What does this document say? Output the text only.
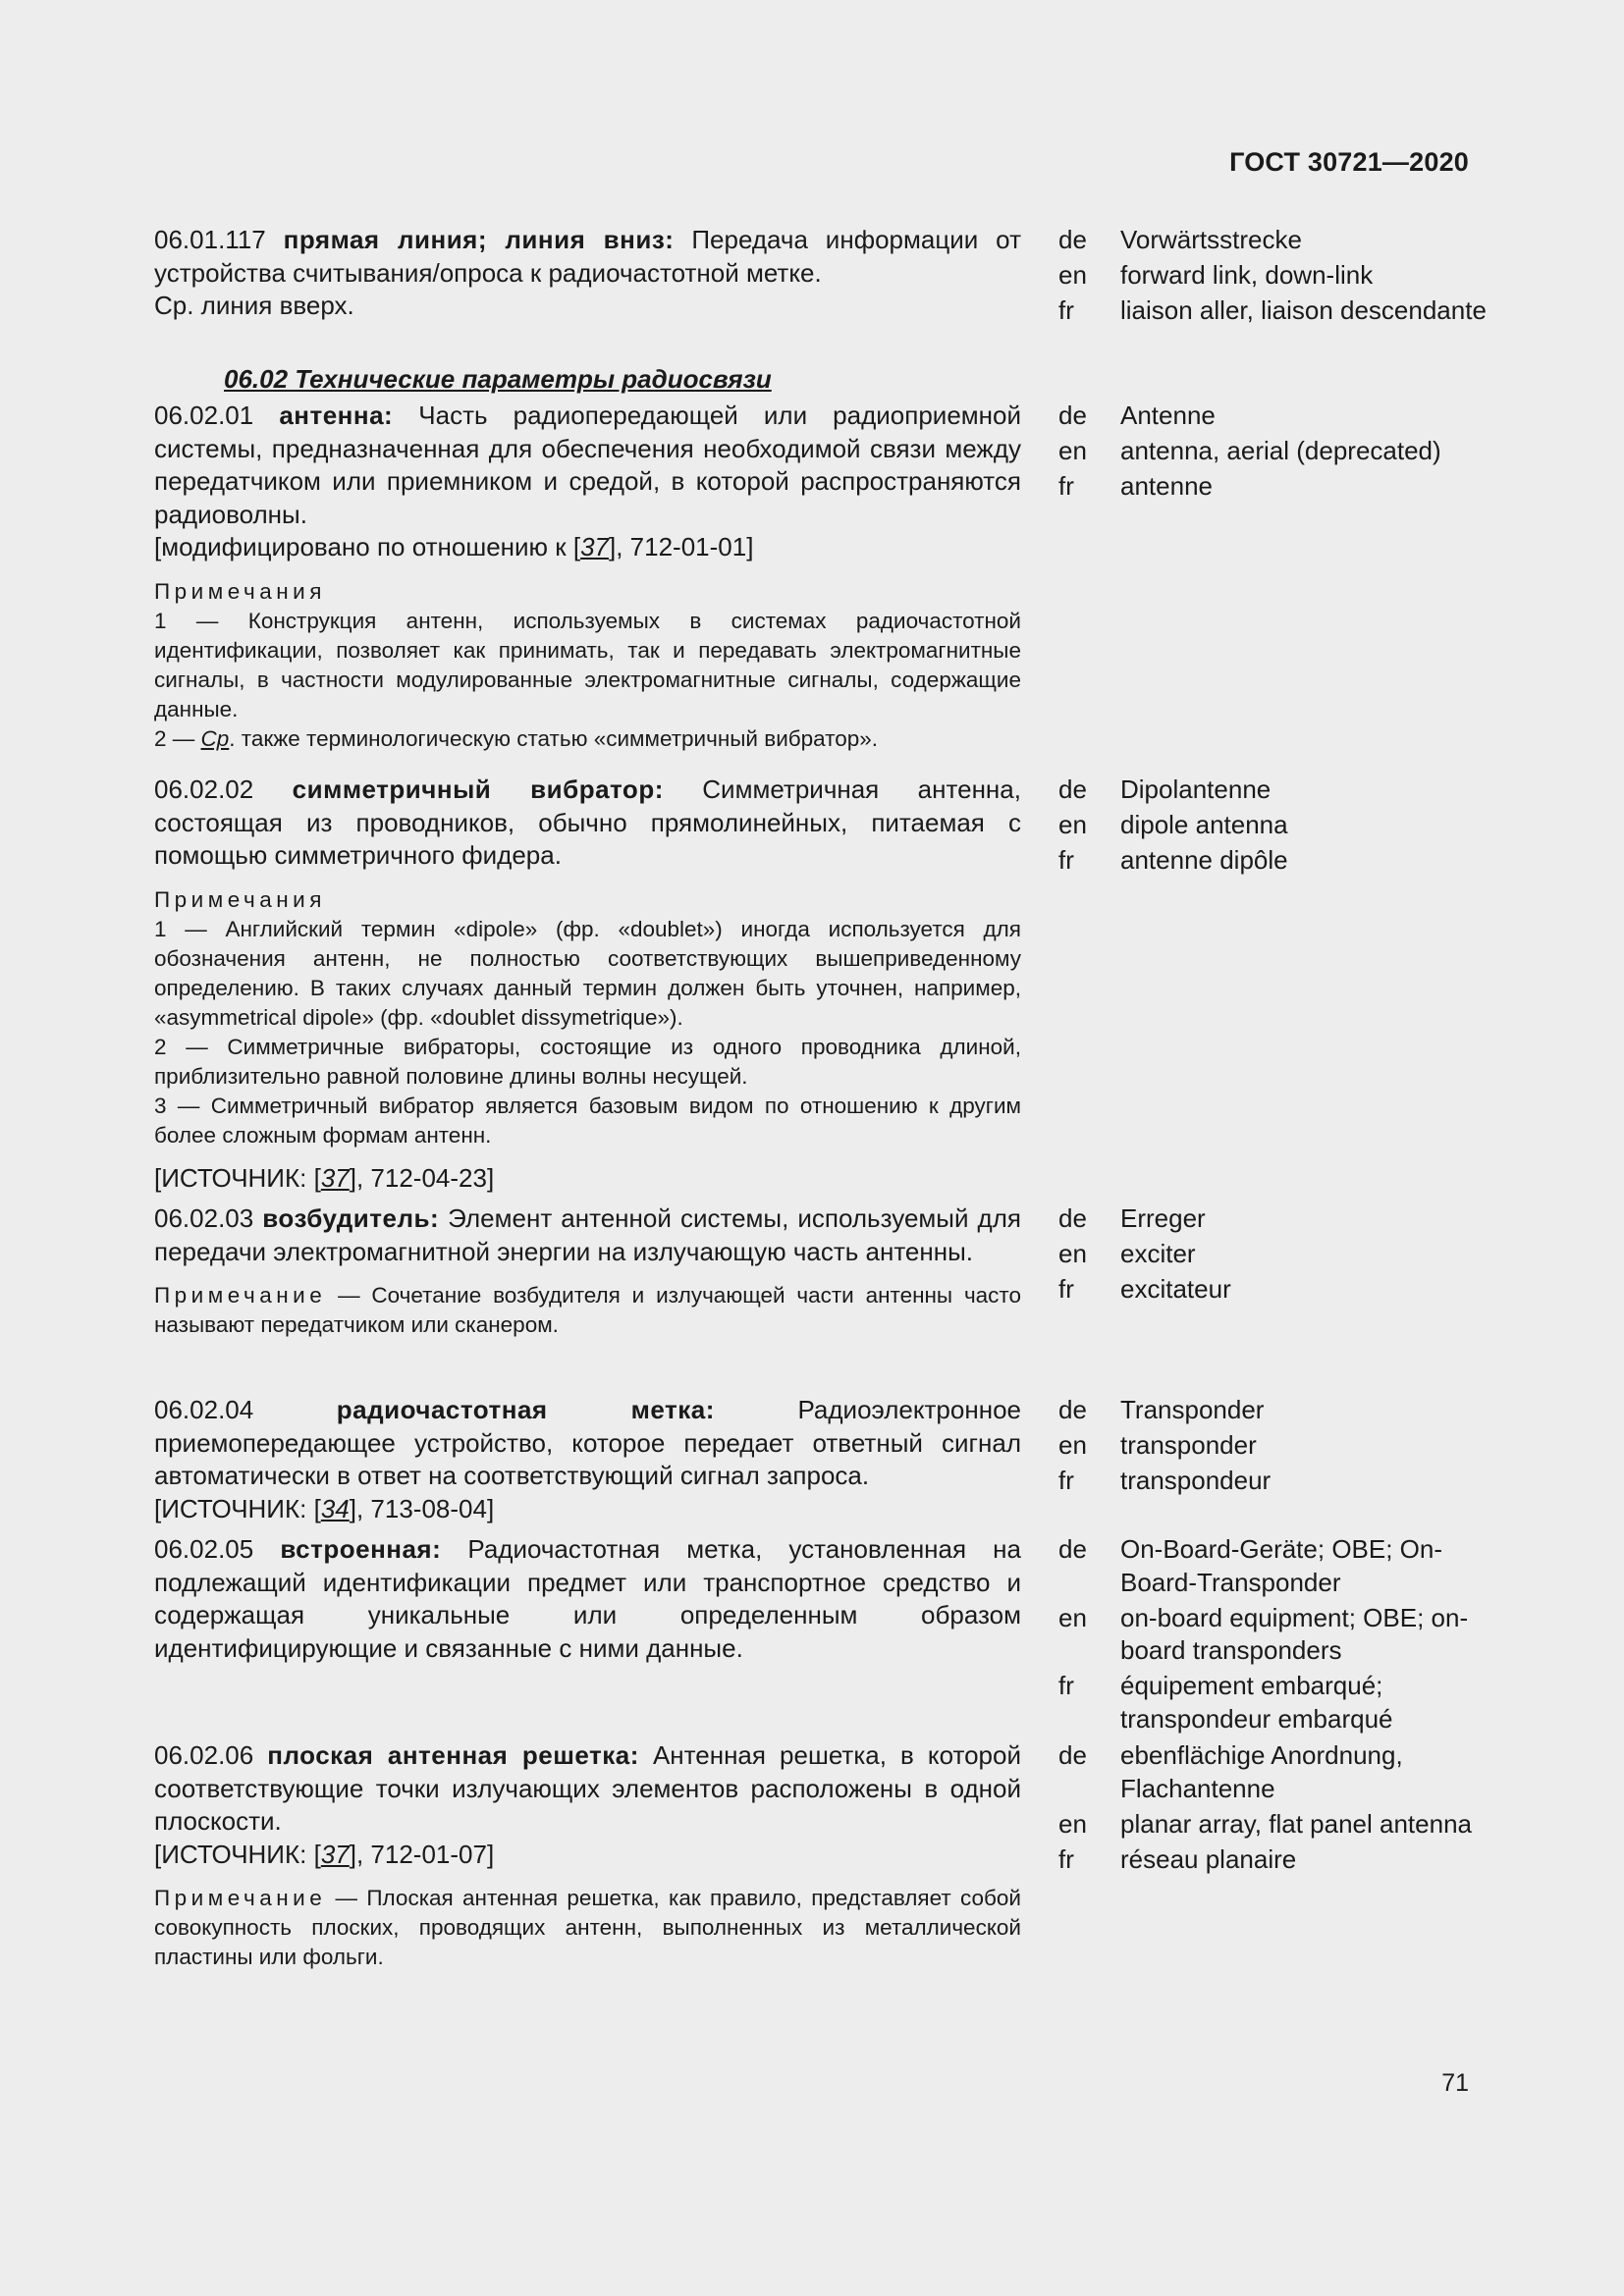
ГОСТ 30721—2020

06.01.117 прямая линия; линия вниз: Передача информации от устройства считывания/опроса к радиочастотной метке.

Ср. линия вверх.

de	Vorwärtsstrecke
en	forward link, down-link
fr	liaison aller, liaison descendante
06.02 Технические параметры радиосвязи

06.02.01 антенна: Часть радиопередающей или радиоприемной системы, предназначенная для обеспечения необходимой связи между передатчиком или приемником и средой, в которой распространяются радиоволны.

[модифицировано по отношению к [37], 712-01-01]

Примечания

1 — Конструкция антенн, используемых в системах радиочастотной идентификации, позволяет как принимать, так и передавать электромагнитные сигналы, в частности модулированные электромагнитные сигналы, содержащие данные.

2 — Ср. также терминологическую статью «симметричный вибратор».

de	Antenne
en	antenna, aerial (deprecated)
fr	antenne

06.02.02 симметричный вибратор: Симметричная антенна, состоящая из проводников, обычно прямолинейных, питаемая с помощью симметричного фидера.

Примечания

1 — Английский термин «dipole» (фр. «doublet») иногда используется для обозначения антенн, не полностью соответствующих вышеприведенному определению. В таких случаях данный термин должен быть уточнен, например, «asymmetrical dipole» (фр. «doublet dissymetrique»).

2 — Симметричные вибраторы, состоящие из одного проводника длиной, приблизительно равной половине длины волны несущей.

3 — Симметричный вибратор является базовым видом по отношению к другим более сложным формам антенн.

[ИСТОЧНИК: [37], 712-04-23]

de	Dipolantenne
en	dipole antenna
fr	antenne dipôle

06.02.03 возбудитель: Элемент антенной системы, используемый для передачи электромагнитной энергии на излучающую часть антенны.

Примечание — Сочетание возбудителя и излучающей части антенны часто называют передатчиком или сканером.

de	Erreger
en	exciter
fr	excitateur

06.02.04	радиочастотная метка:	Радиоэлектронное приемопередающее устройство, которое передает ответный сигнал автоматически в ответ на соответствующий сигнал запроса.

[ИСТОЧНИК: [34], 713-08-04]

de	Transponder
en	transponder
fr	transpondeur

06.02.05 встроенная: Радиочастотная метка, установленная на подлежащий идентификации предмет или транспортное средство и содержащая уникальные или определенным образом идентифицирующие и связанные с ними данные.

de	On-Board-Geräte; OBE; On-Board-Transponder
en	on-board equipment; OBE; on-board transponders
fr	équipement embarqué; transpondeur embarqué

06.02.06 плоская антенная решетка: Антенная решетка, в которой соответствующие точки излучающих элементов расположены в одной плоскости.

[ИСТОЧНИК: [37], 712-01-07]

Примечание — Плоская антенная решетка, как правило, представляет собой совокупность плоских, проводящих антенн, выполненных из металлической пластины или фольги.

de	ebenflächige Anordnung, Flachantenne
en	planar array, flat panel antenna
fr	réseau planaire
71
